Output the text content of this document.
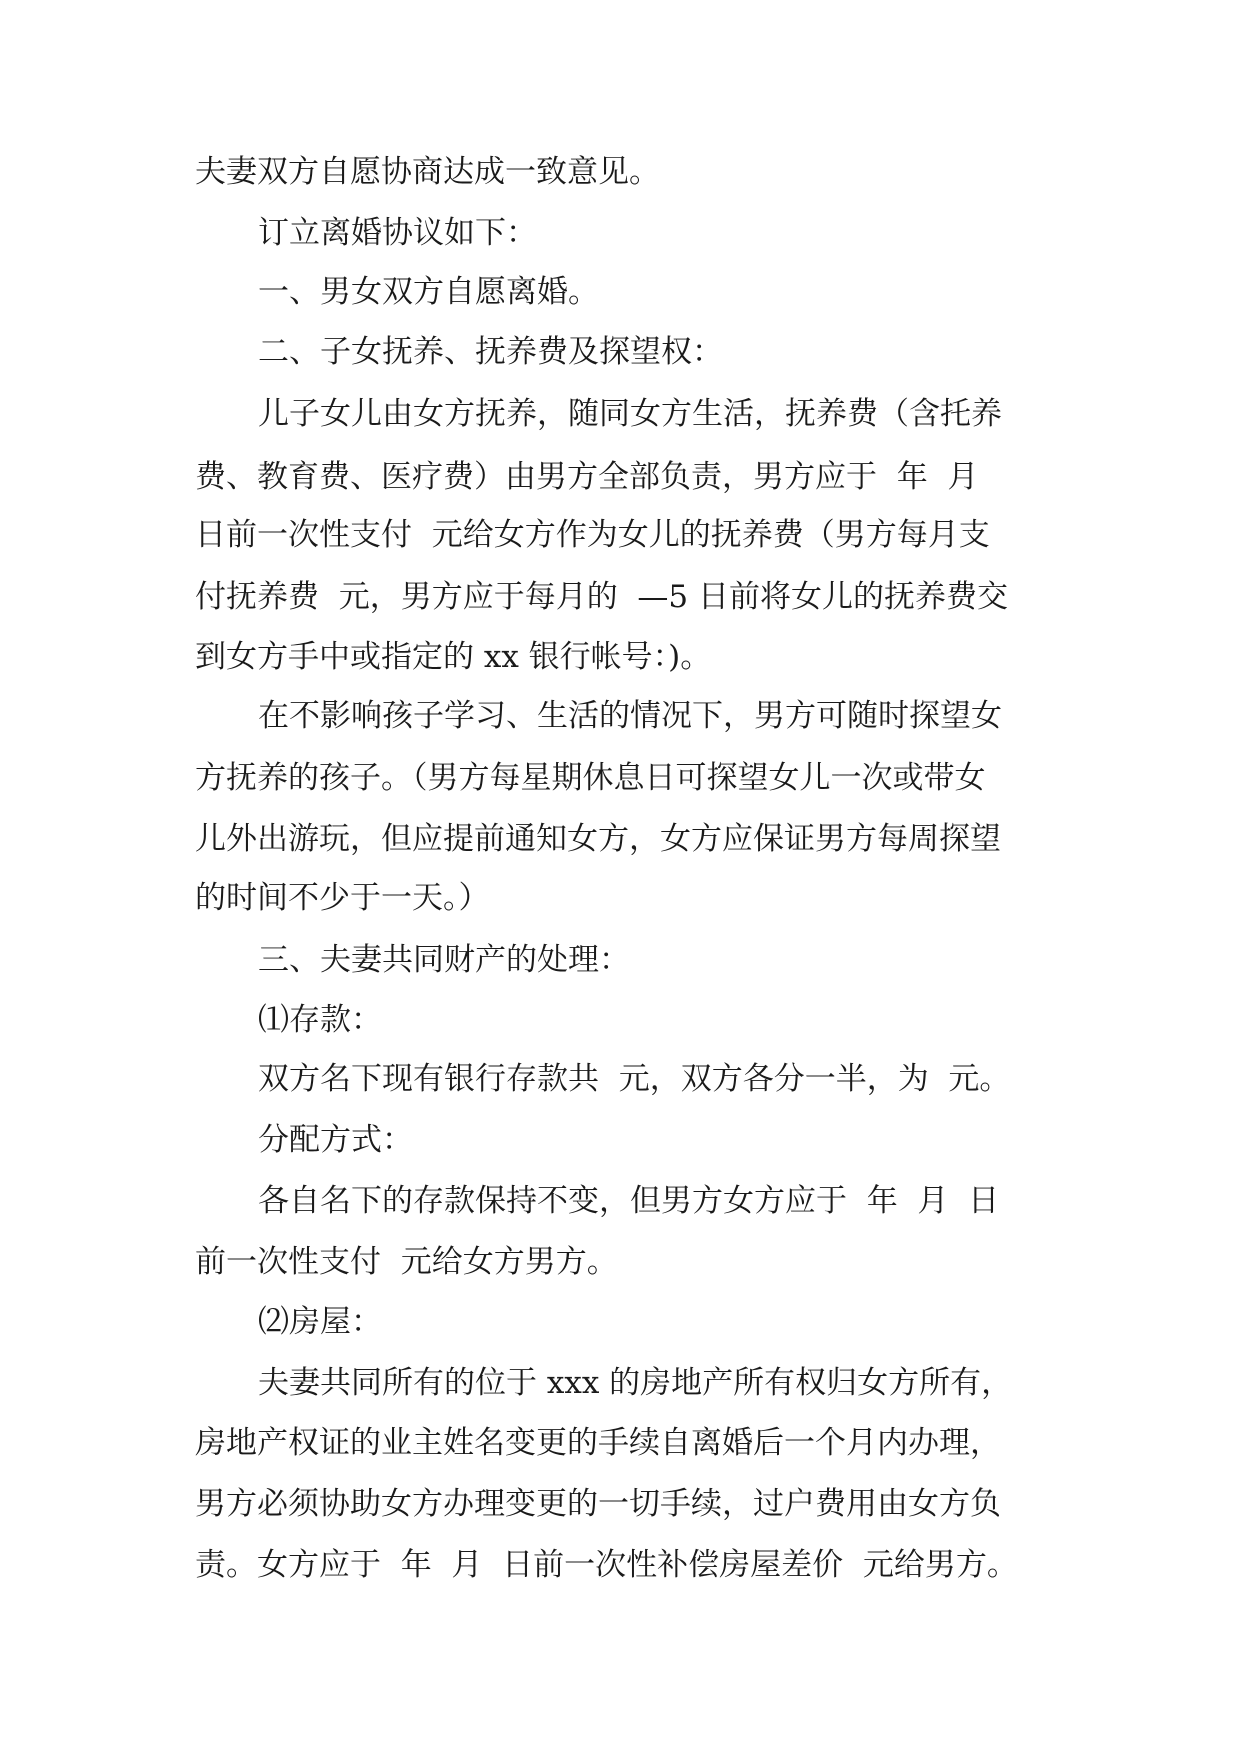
夫妻双方自愿协商达成一致意见。
订立离婚协议如下：
一、男女双方自愿离婚。
二、子女抚养、抚养费及探望权：
儿子女儿由女方抚养，随同女方生活，抚养费（含托养
费、教育费、医疗费）由男方全部负责，男方应于  年  月
日前一次性支付  元给女方作为女儿的抚养费（男方每月支
付抚养费  元，男方应于每月的  —5 日前将女儿的抚养费交
到女方手中或指定的 xx 银行帐号：)。
在不影响孩子学习、生活的情况下，男方可随时探望女
方抚养的孩子。（男方每星期休息日可探望女儿一次或带女
儿外出游玩，但应提前通知女方，女方应保证男方每周探望
的时间不少于一天。）
三、夫妻共同财产的处理：
⑴存款：
双方名下现有银行存款共  元，双方各分一半，为  元。
分配方式：
各自名下的存款保持不变，但男方女方应于  年  月  日
前一次性支付  元给女方男方。
⑵房屋：
夫妻共同所有的位于 xxx 的房地产所有权归女方所有，
房地产权证的业主姓名变更的手续自离婚后一个月内办理，
男方必须协助女方办理变更的一切手续，过户费用由女方负
责。女方应于  年  月  日前一次性补偿房屋差价  元给男方。
